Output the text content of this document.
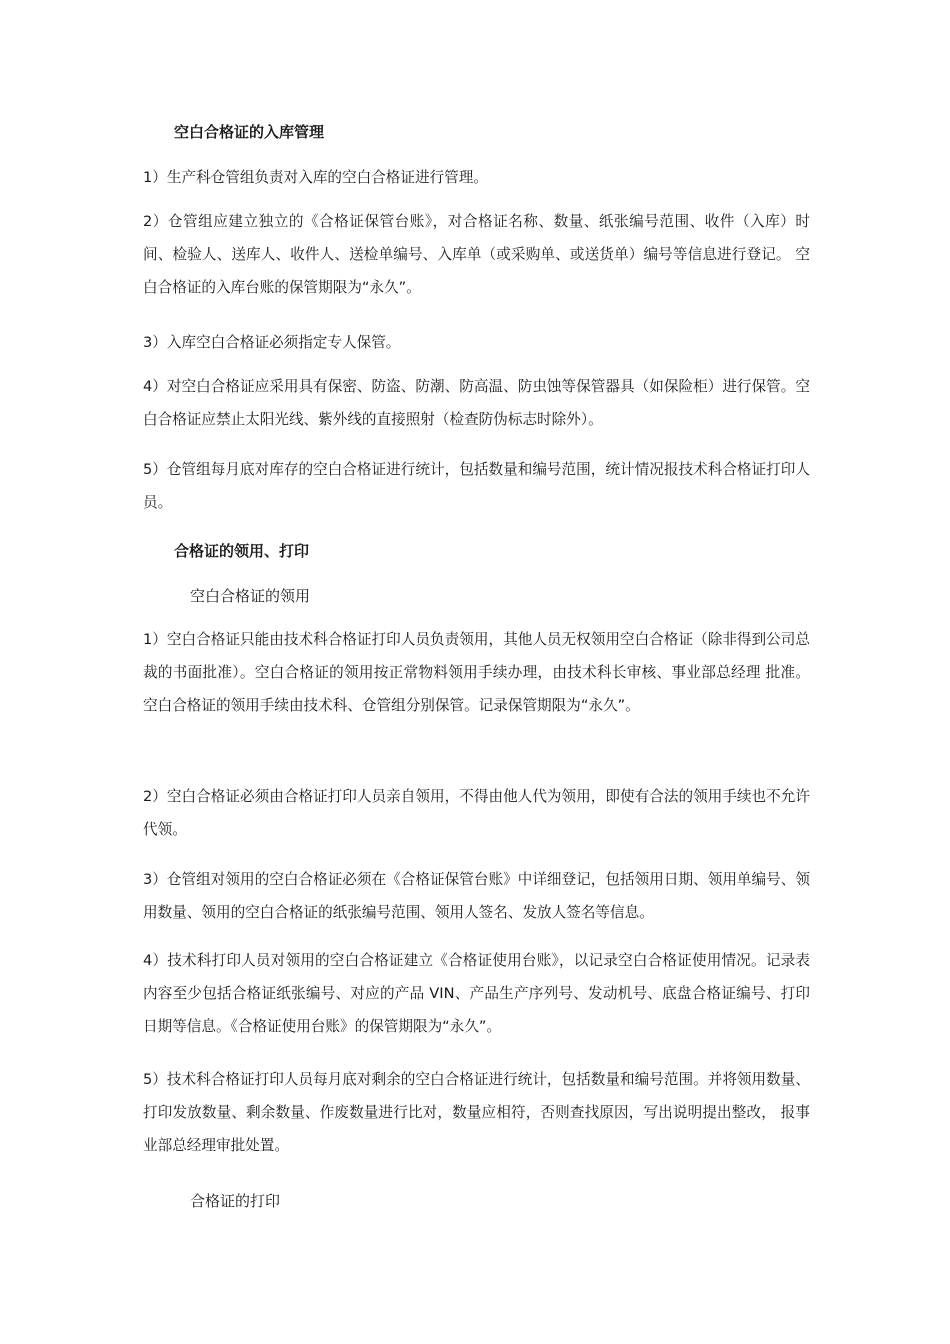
空白合格证的入库管理
1）生产科仓管组负责对入库的空白合格证进行管理。
2）仓管组应建立独立的《合格证保管台账》，对合格证名称、数量、纸张编号范围、收件（入库）时间、检验人、送库人、收件人、送检单编号、入库单（或采购单、或送货单）编号等信息进行登记。 空白合格证的入库台账的保管期限为“永久”。
3）入库空白合格证必须指定专人保管。
4）对空白合格证应采用具有保密、防盗、防潮、防高温、防虫蚀等保管器具（如保险柜）进行保管。空白合格证应禁止太阳光线、紫外线的直接照射（检查防伪标志时除外）。
5）仓管组每月底对库存的空白合格证进行统计，包括数量和编号范围，统计情况报技术科合格证打印人员。
合格证的领用、打印
空白合格证的领用
1）空白合格证只能由技术科合格证打印人员负责领用，其他人员无权领用空白合格证（除非得到公司总裁的书面批准）。空白合格证的领用按正常物料领用手续办理，由技术科长审核、事业部总经理 批准。空白合格证的领用手续由技术科、仓管组分别保管。记录保管期限为“永久”。
2）空白合格证必须由合格证打印人员亲自领用，不得由他人代为领用，即使有合法的领用手续也不允许代领。
3）仓管组对领用的空白合格证必须在《合格证保管台账》中详细登记，包括领用日期、领用单编号、领用数量、领用的空白合格证的纸张编号范围、领用人签名、发放人签名等信息。
4）技术科打印人员对领用的空白合格证建立《合格证使用台账》，以记录空白合格证使用情况。记录表内容至少包括合格证纸张编号、对应的产品 VIN、产品生产序列号、发动机号、底盘合格证编号、打印日期等信息。《合格证使用台账》的保管期限为“永久”。
5）技术科合格证打印人员每月底对剩余的空白合格证进行统计，包括数量和编号范围。并将领用数量、打印发放数量、剩余数量、作废数量进行比对，数量应相符，否则查找原因，写出说明提出整改， 报事业部总经理审批处置。
合格证的打印
